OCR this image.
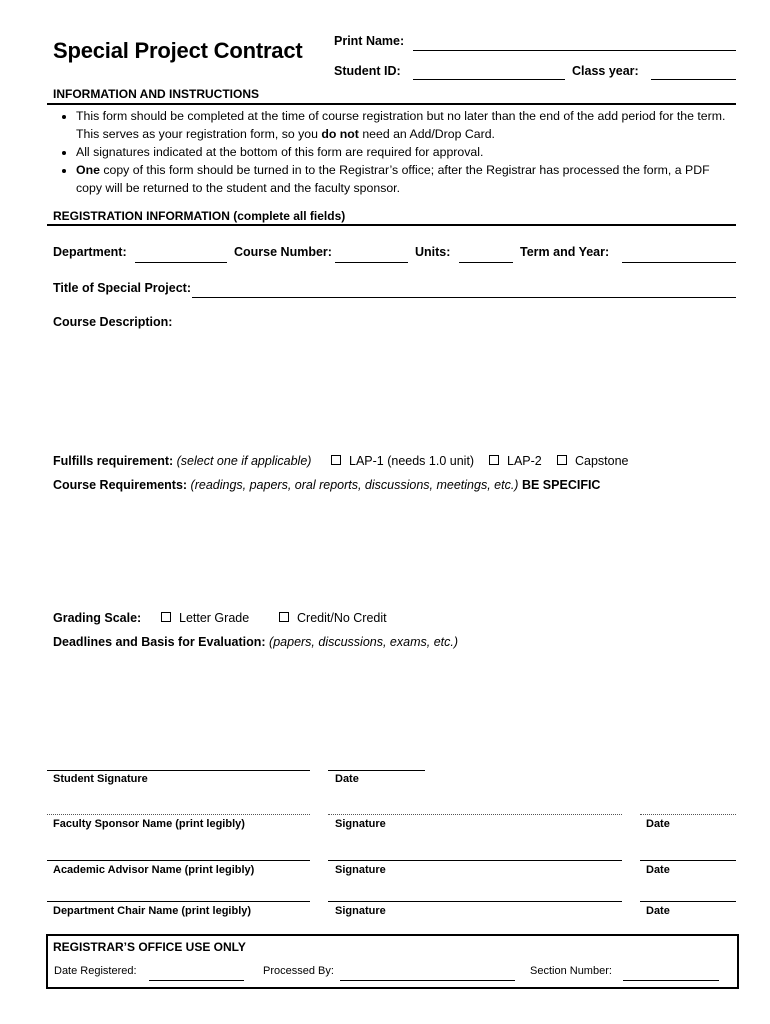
Special Project Contract	Print Name:
Student ID:	Class year:
INFORMATION AND INSTRUCTIONS
• This form should be completed at the time of course registration but no later than the end of the add period for the term. This serves as your registration form, so you do not need an Add/Drop Card.
• All signatures indicated at the bottom of this form are required for approval.
• One copy of this form should be turned in to the Registrar’s office; after the Registrar has processed the form, a PDF copy will be returned to the student and the faculty sponsor.
REGISTRATION INFORMATION (complete all fields)
Department:	Course Number:	Units:	Term and Year:
Title of Special Project:
Course Description:
Fulfills requirement: (select one if applicable)	LAP-1 (needs 1.0 unit)	LAP-2	Capstone
Course Requirements: (readings, papers, oral reports, discussions, meetings, etc.) BE SPECIFIC
Grading Scale:	Letter Grade	Credit/No Credit
Deadlines and Basis for Evaluation: (papers, discussions, exams, etc.)
Student Signature	Date
Faculty Sponsor Name (print legibly)	Signature	Date
Academic Advisor Name (print legibly)	Signature	Date
Department Chair Name (print legibly)	Signature	Date
REGISTRAR’S OFFICE USE ONLY
Date Registered:	Processed By:	Section Number:
